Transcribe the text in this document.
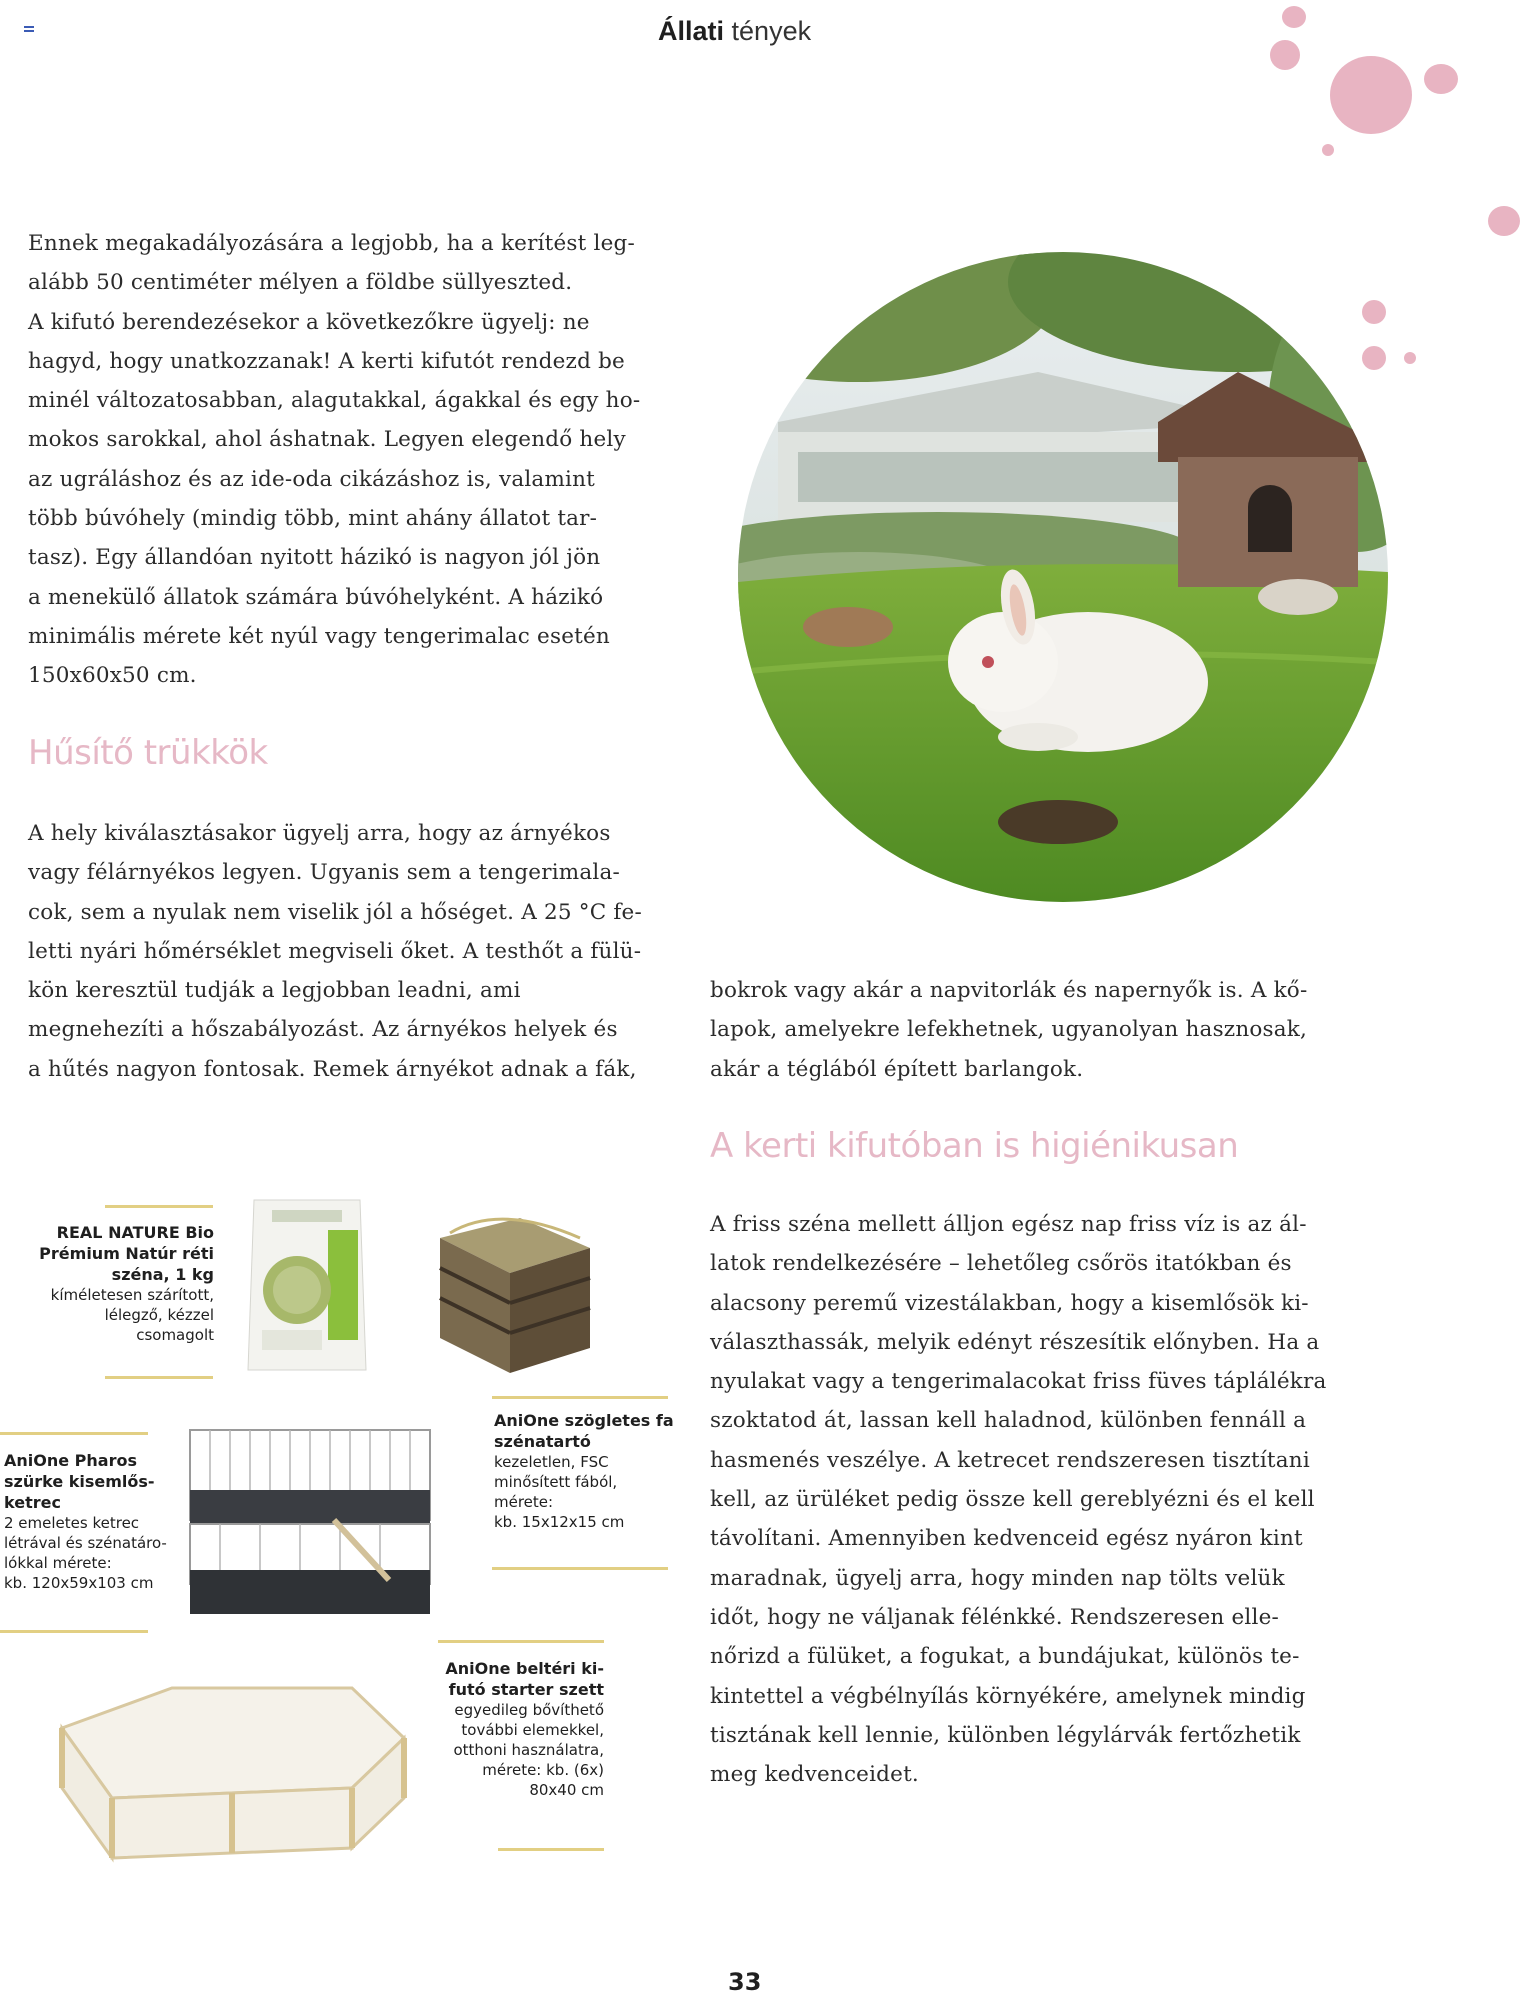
Állati tények

Ennek megakadályozására a legjobb, ha a kerítést leg-

alább 50 centiméter mélyen a földbe süllyeszted.

A kifutó berendezésekor a következőkre ügyelj: ne

hagyd, hogy unatkozzanak! A kerti kifutót rendezd be

minél változatosabban, alagutakkal, ágakkal és egy ho-

mokos sarokkal, ahol áshatnak. Legyen elegendő hely

az ugráláshoz és az ide-oda cikázáshoz is, valamint

több búvóhely (mindig több, mint ahány állatot tar-

tasz). Egy állandóan nyitott házikó is nagyon jól jön

a menekülő állatok számára búvóhelyként. A házikó

minimális mérete két nyúl vagy tengerimalac esetén

150x60x50 cm.

Hűsítő trükkök

A hely kiválasztásakor ügyelj arra, hogy az árnyékos

vagy félárnyékos legyen. Ugyanis sem a tengerimala-

cok, sem a nyulak nem viselik jól a hőséget. A 25 °C fe-

letti nyári hőmérséklet megviseli őket. A testhőt a fülü-

kön keresztül tudják a legjobban leadni, ami

megnehezíti a hőszabályozást. Az árnyékos helyek és

a hűtés nagyon fontosak. Remek árnyékot adnak a fák,

bokrok vagy akár a napvitorlák és napernyők is. A kő-

lapok, amelyekre lefekhetnek, ugyanolyan hasznosak,

akár a téglából épített barlangok.

A kerti kifutóban is higiénikusan

A friss széna mellett álljon egész nap friss víz is az ál-

latok rendelkezésére – lehetőleg csőrös itatókban és

alacsony peremű vizestálakban, hogy a kisemlősök ki-

választhassák, melyik edényt részesítik előnyben. Ha a

nyulakat vagy a tengerimalacokat friss füves táplálékra

szoktatod át, lassan kell haladnod, különben fennáll a

hasmenés veszélye. A ketrecet rendszeresen tisztítani

kell, az ürüléket pedig össze kell gereblyézni és el kell

távolítani. Amennyiben kedvenceid egész nyáron kint

maradnak, ügyelj arra, hogy minden nap tölts velük

időt, hogy ne váljanak félénkké. Rendszeresen elle-

nőrizd a fülüket, a fogukat, a bundájukat, különös te-

kintettel a végbélnyílás környékére, amelynek mindig

tisztának kell lennie, különben légylárvák fertőzhetik

meg kedvenceidet.

REAL NATURE Bio
Prémium Natúr réti
széna, 1 kg
kíméletesen szárított,
lélegző, kézzel
csomagolt
AniOne szögletes fa
szénatartó
kezeletlen, FSC
minősített fából,
mérete:
kb. 15x12x15 cm
AniOne Pharos
szürke kisemlős-
ketrec
2 emeletes ketrec
létrával és szénatáro-
lókkal mérete:
kb. 120x59x103 cm
AniOne beltéri ki-
futó starter szett
egyedileg bővíthető
további elemekkel,
otthoni használatra,
mérete: kb. (6x)
80x40 cm
33
